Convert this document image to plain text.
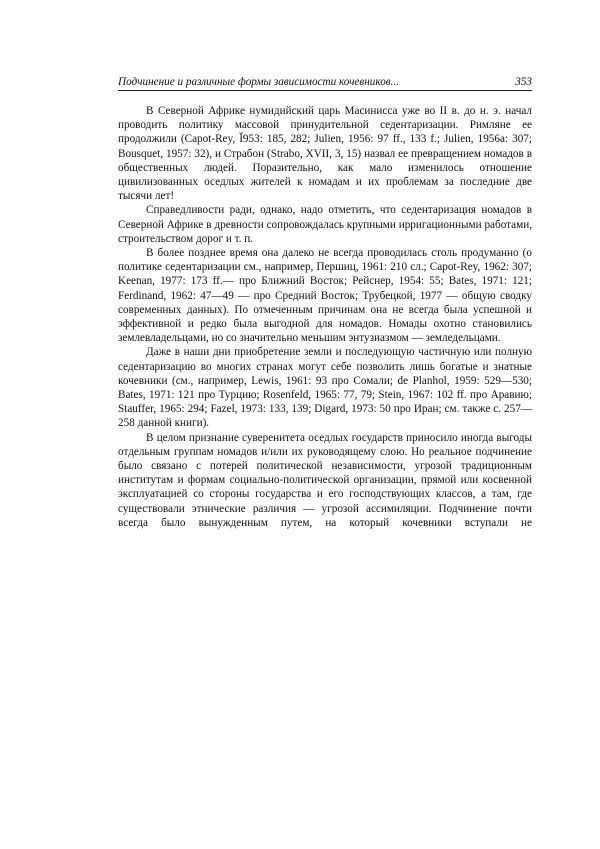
Подчинение и различные формы зависимости кочевников...	353

В Северной Африке нумидийский царь Масинисса уже во II в. до н. э. начал проводить политику массовой принудительной седентаризации. Римляне ее продолжили (Capot-Rey, Ĭ953: 185, 282; Julien, 1956: 97 ff., 133 f.; Julien, 1956a: 307; Bousquet, 1957: 32), и Страбон (Strabo, XVII, 3, 15) назвал ее превращением номадов в общественных людей. Поразительно, как мало изменилось отношение цивилизованных оседлых жителей к номадам и их проблемам за последние две тысячи лет!

Справедливости ради, однако, надо отметить, что седентаризация номадов в Северной Африке в древности сопровождалась крупными ирригационными работами, строительством дорог и т. п.

В более позднее время она далеко не всегда проводилась столь продуманно (о политике седентаризации см., например, Першиц, 1961: 210 сл.; Capot-Rey, 1962: 307; Keenan, 1977: 173 ff.— про Ближний Восток; Рейснер, 1954: 55; Bates, 1971: 121; Ferdinand, 1962: 47—49 — про Средний Восток; Трубецкой, 1977 — общую сводку современных данных). По отмеченным причинам она не всегда была успешной и эффективной и редко была выгодной для номадов. Номады охотно становились землевладельцами, но со значительно меньшим энтузиазмом — земледельцами.

Даже в наши дни приобретение земли и последующую частичную или полную седентаризацию во многих странах могут себе позволить лишь богатые и знатные кочевники (см., например, Lewis, 1961: 93 про Сомали; de Planhol, 1959: 529—530; Bates, 1971: 121 про Турцию; Rosenfeld, 1965: 77, 79; Stein, 1967: 102 ff. про Аравию; Stauffer, 1965: 294; Fazel, 1973: 133, 139; Digard, 1973: 50 про Иран; см. также с. 257—258 данной книги).

В целом признание суверенитета оседлых государств приносило иногда выгоды отдельным группам номадов и/или их руководящему слою. Но реальное подчинение было связано с потерей политической независимости, угрозой традиционным институтам и формам социально-политической организации, прямой или косвенной эксплуатацией со стороны государства и его господствующих классов, а там, где существовали этнические различия — угрозой ассимиляции. Подчинение почти всегда было вынужденным путем, на который кочевники вступали не
